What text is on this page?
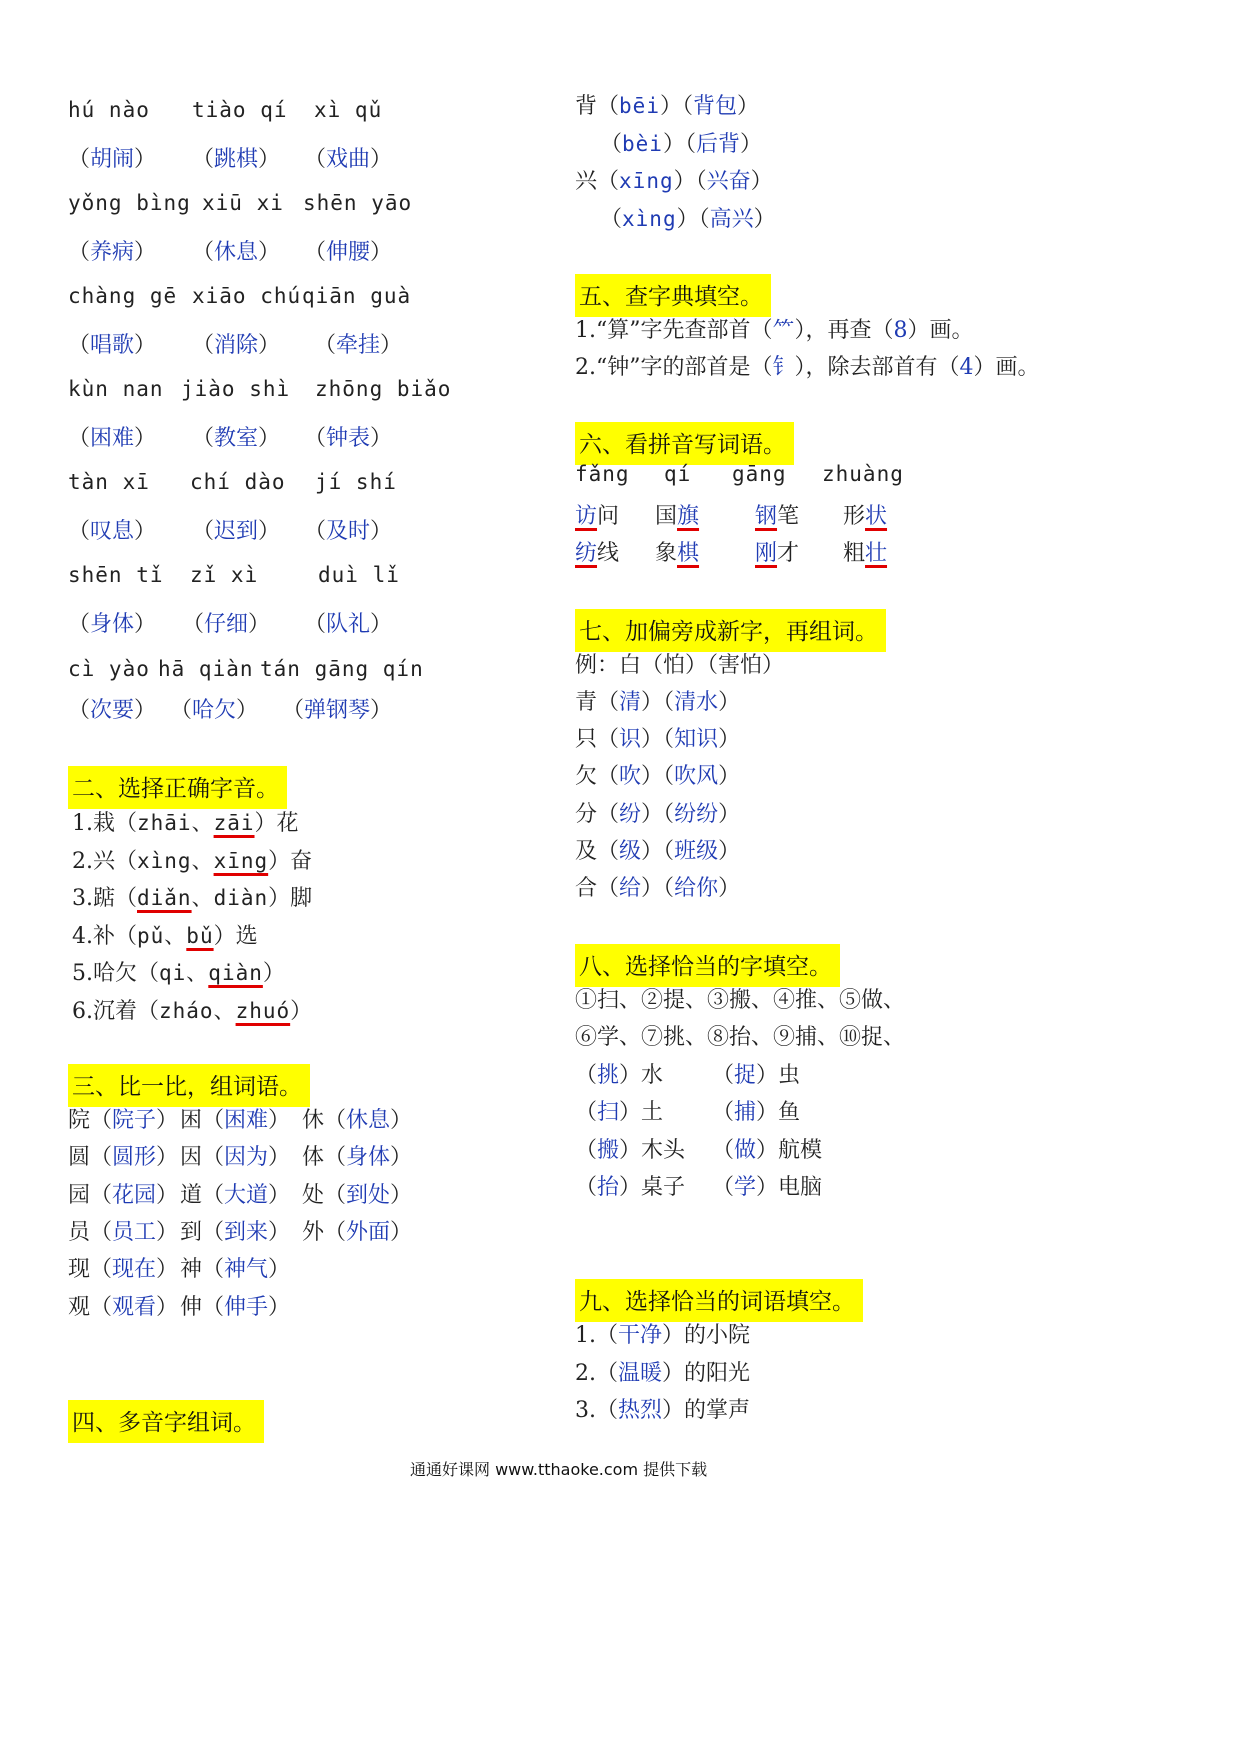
hú nào tiào qí xì qǔ
（胡闹） （跳棋） （戏曲）
yǒng bìng xiū xi shēn yāo
（养病） （休息） （伸腰）
chàng gē xiāo chú qiān guà
（唱歌） （消除） （牵挂）
kùn nan jiào shì zhōng biǎo
（困难） （教室） （钟表）
tàn xī chí dào jí shí
（叹息） （迟到） （及时）
shēn tǐ zǐ xì	duì lǐ
（身体） （仔细） （队礼）
cì yào hā qiàn tán gāng qín
（次要） （哈欠） （弹钢琴）
二、选择正确字音。
1.栽（zhāi、zāi）花
2.兴（xìng、xīng）奋
3.踮（diǎn、diàn）脚
4.补（pǔ、bǔ）选
5.哈欠（qi、qiàn）
6.沉着（zháo、zhuó）
三、比一比，组词语。
院（院子） 困（困难） 休（休息）
圆（圆形） 因（因为） 体（身体）
园（花园） 道（大道） 处（到处）
员（员工） 到（到来） 外（外面）
现（现在） 神（神气）
观（观看） 伸（伸手）
四、多音字组词。
背（bēi）（背包）
（bèi）（后背）
兴（xīng）（兴奋）
（xìng）（高兴）
五、查字典填空。
1.“算”字先查部首（⺮），再查（8）画。
2.“钟”字的部首是（钅），除去部首有（4）画。
六、看拼音写词语。
fǎng qí gāng zhuàng
访问 国旗	钢笔 形状
纺线 象棋	刚才 粗壮
七、加偏旁成新字，再组词。
例：白（怕）（害怕）
青（清）（清水）
只（识）（知识）
欠（吹）（吹风）
分（纷）（纷纷）
及（级）（班级）
合（给）（给你）
八、选择恰当的字填空。
①扫、②提、③搬、④推、⑤做、
⑥学、⑦挑、⑧抬、⑨捕、⑩捉、
（挑）水 （捉）虫
（扫）土 （捕）鱼
（搬）木头 （做）航模
（抬）桌子 （学）电脑
九、选择恰当的词语填空。
1.（干净）的小院
2.（温暖）的阳光
3.（热烈）的掌声
通通好课网 www.tthaoke.com 提供下载
